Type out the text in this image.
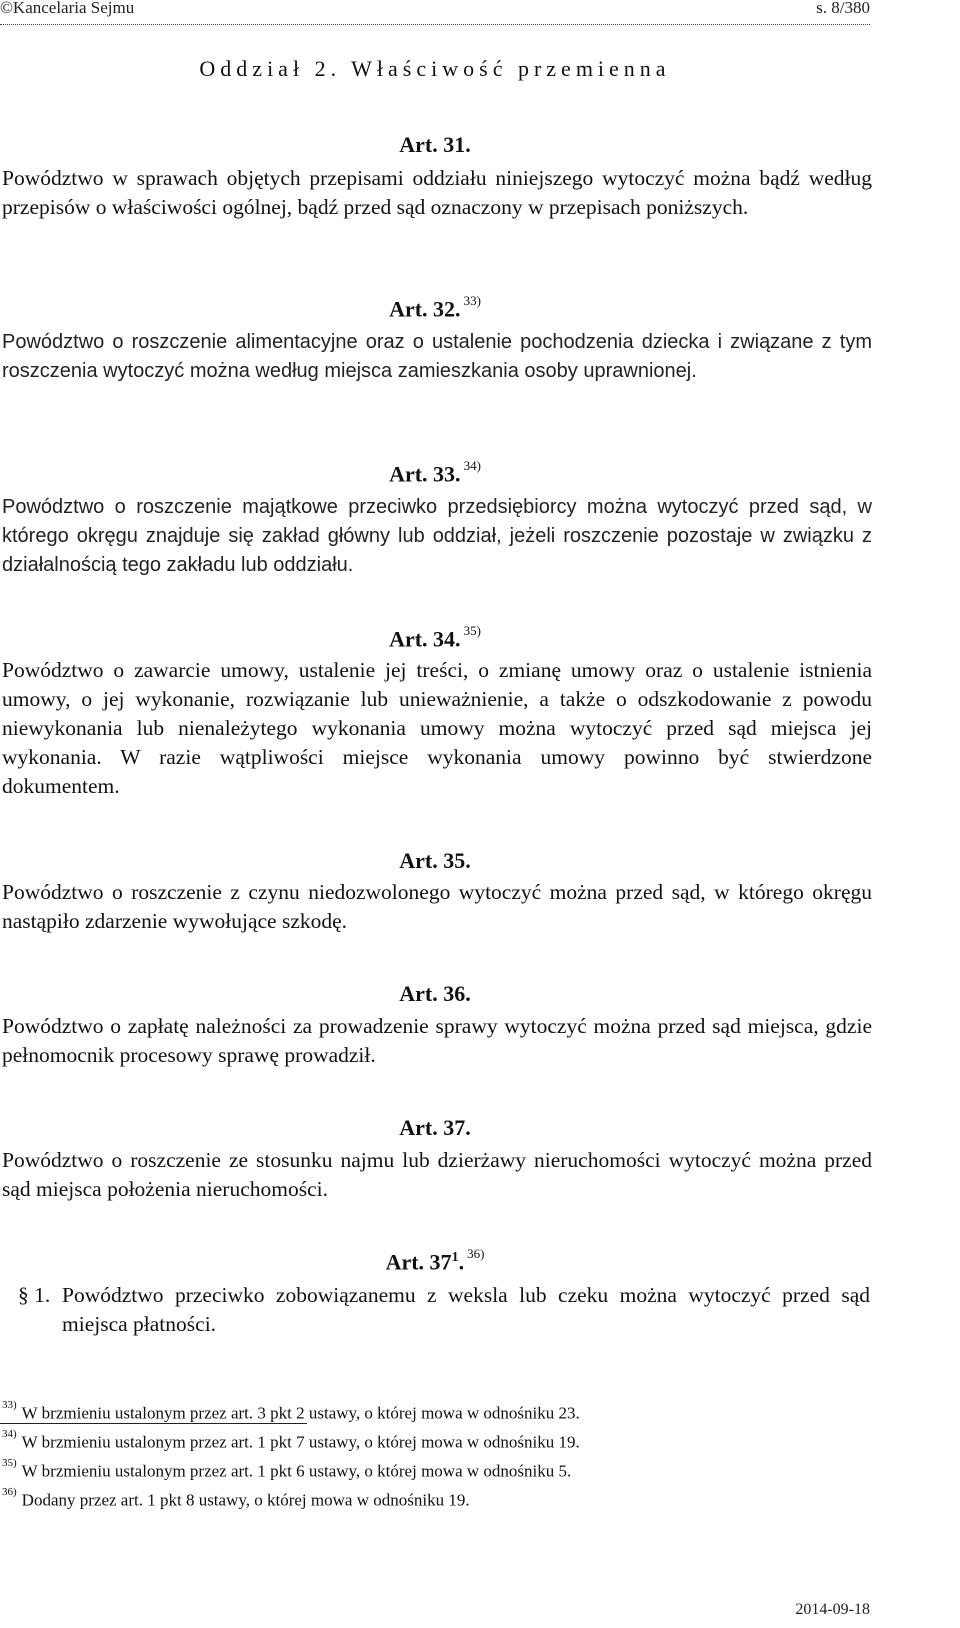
©Kancelaria Sejmu	s. 8/380
Oddział 2. Właściwość przemienna
Art. 31.

Powództwo w sprawach objętych przepisami oddziału niniejszego wytoczyć można bądź według przepisów o właściwości ogólnej, bądź przed sąd oznaczony w przepisach poniższych.

Art. 32. $^{33)}$

Powództwo o roszczenie alimentacyjne oraz o ustalenie pochodzenia dziecka i związane z tym roszczenia wytoczyć można według miejsca zamieszkania osoby uprawnionej.

Art. 33. $^{34)}$

Powództwo o roszczenie majątkowe przeciwko przedsiębiorcy można wytoczyć przed sąd, w którego okręgu znajduje się zakład główny lub oddział, jeżeli roszczenie pozostaje w związku z działalnością tego zakładu lub oddziału.

Art. 34. $^{35)}$

Powództwo o zawarcie umowy, ustalenie jej treści, o zmianę umowy oraz o ustalenie istnienia umowy, o jej wykonanie, rozwiązanie lub unieważnienie, a także o odszkodowanie z powodu niewykonania lub nienależytego wykonania umowy można wytoczyć przed sąd miejsca jej wykonania. W razie wątpliwości miejsce wykonania umowy powinno być stwierdzone dokumentem.

Art. 35.

Powództwo o roszczenie z czynu niedozwolonego wytoczyć można przed sąd, w którego okręgu nastąpiło zdarzenie wywołujące szkodę.

Art. 36.

Powództwo o zapłatę należności za prowadzenie sprawy wytoczyć można przed sąd miejsca, gdzie pełnomocnik procesowy sprawę prowadził.

Art. 37.

Powództwo o roszczenie ze stosunku najmu lub dzierżawy nieruchomości wytoczyć można przed sąd miejsca położenia nieruchomości.

Art. $37^1$. $^{36)}$
§ 1. Powództwo przeciwko zobowiązanemu z weksla lub czeku można wytoczyć przed sąd miejsca płatności.
$^{33)}$ W brzmieniu ustalonym przez art. 3 pkt 2 ustawy, o której mowa w odnośniku 23.
$^{34)}$ W brzmieniu ustalonym przez art. 1 pkt 7 ustawy, o której mowa w odnośniku 19.
$^{35)}$ W brzmieniu ustalonym przez art. 1 pkt 6 ustawy, o której mowa w odnośniku 5.
$^{36)}$ Dodany przez art. 1 pkt 8 ustawy, o której mowa w odnośniku 19.
2014-09-18
